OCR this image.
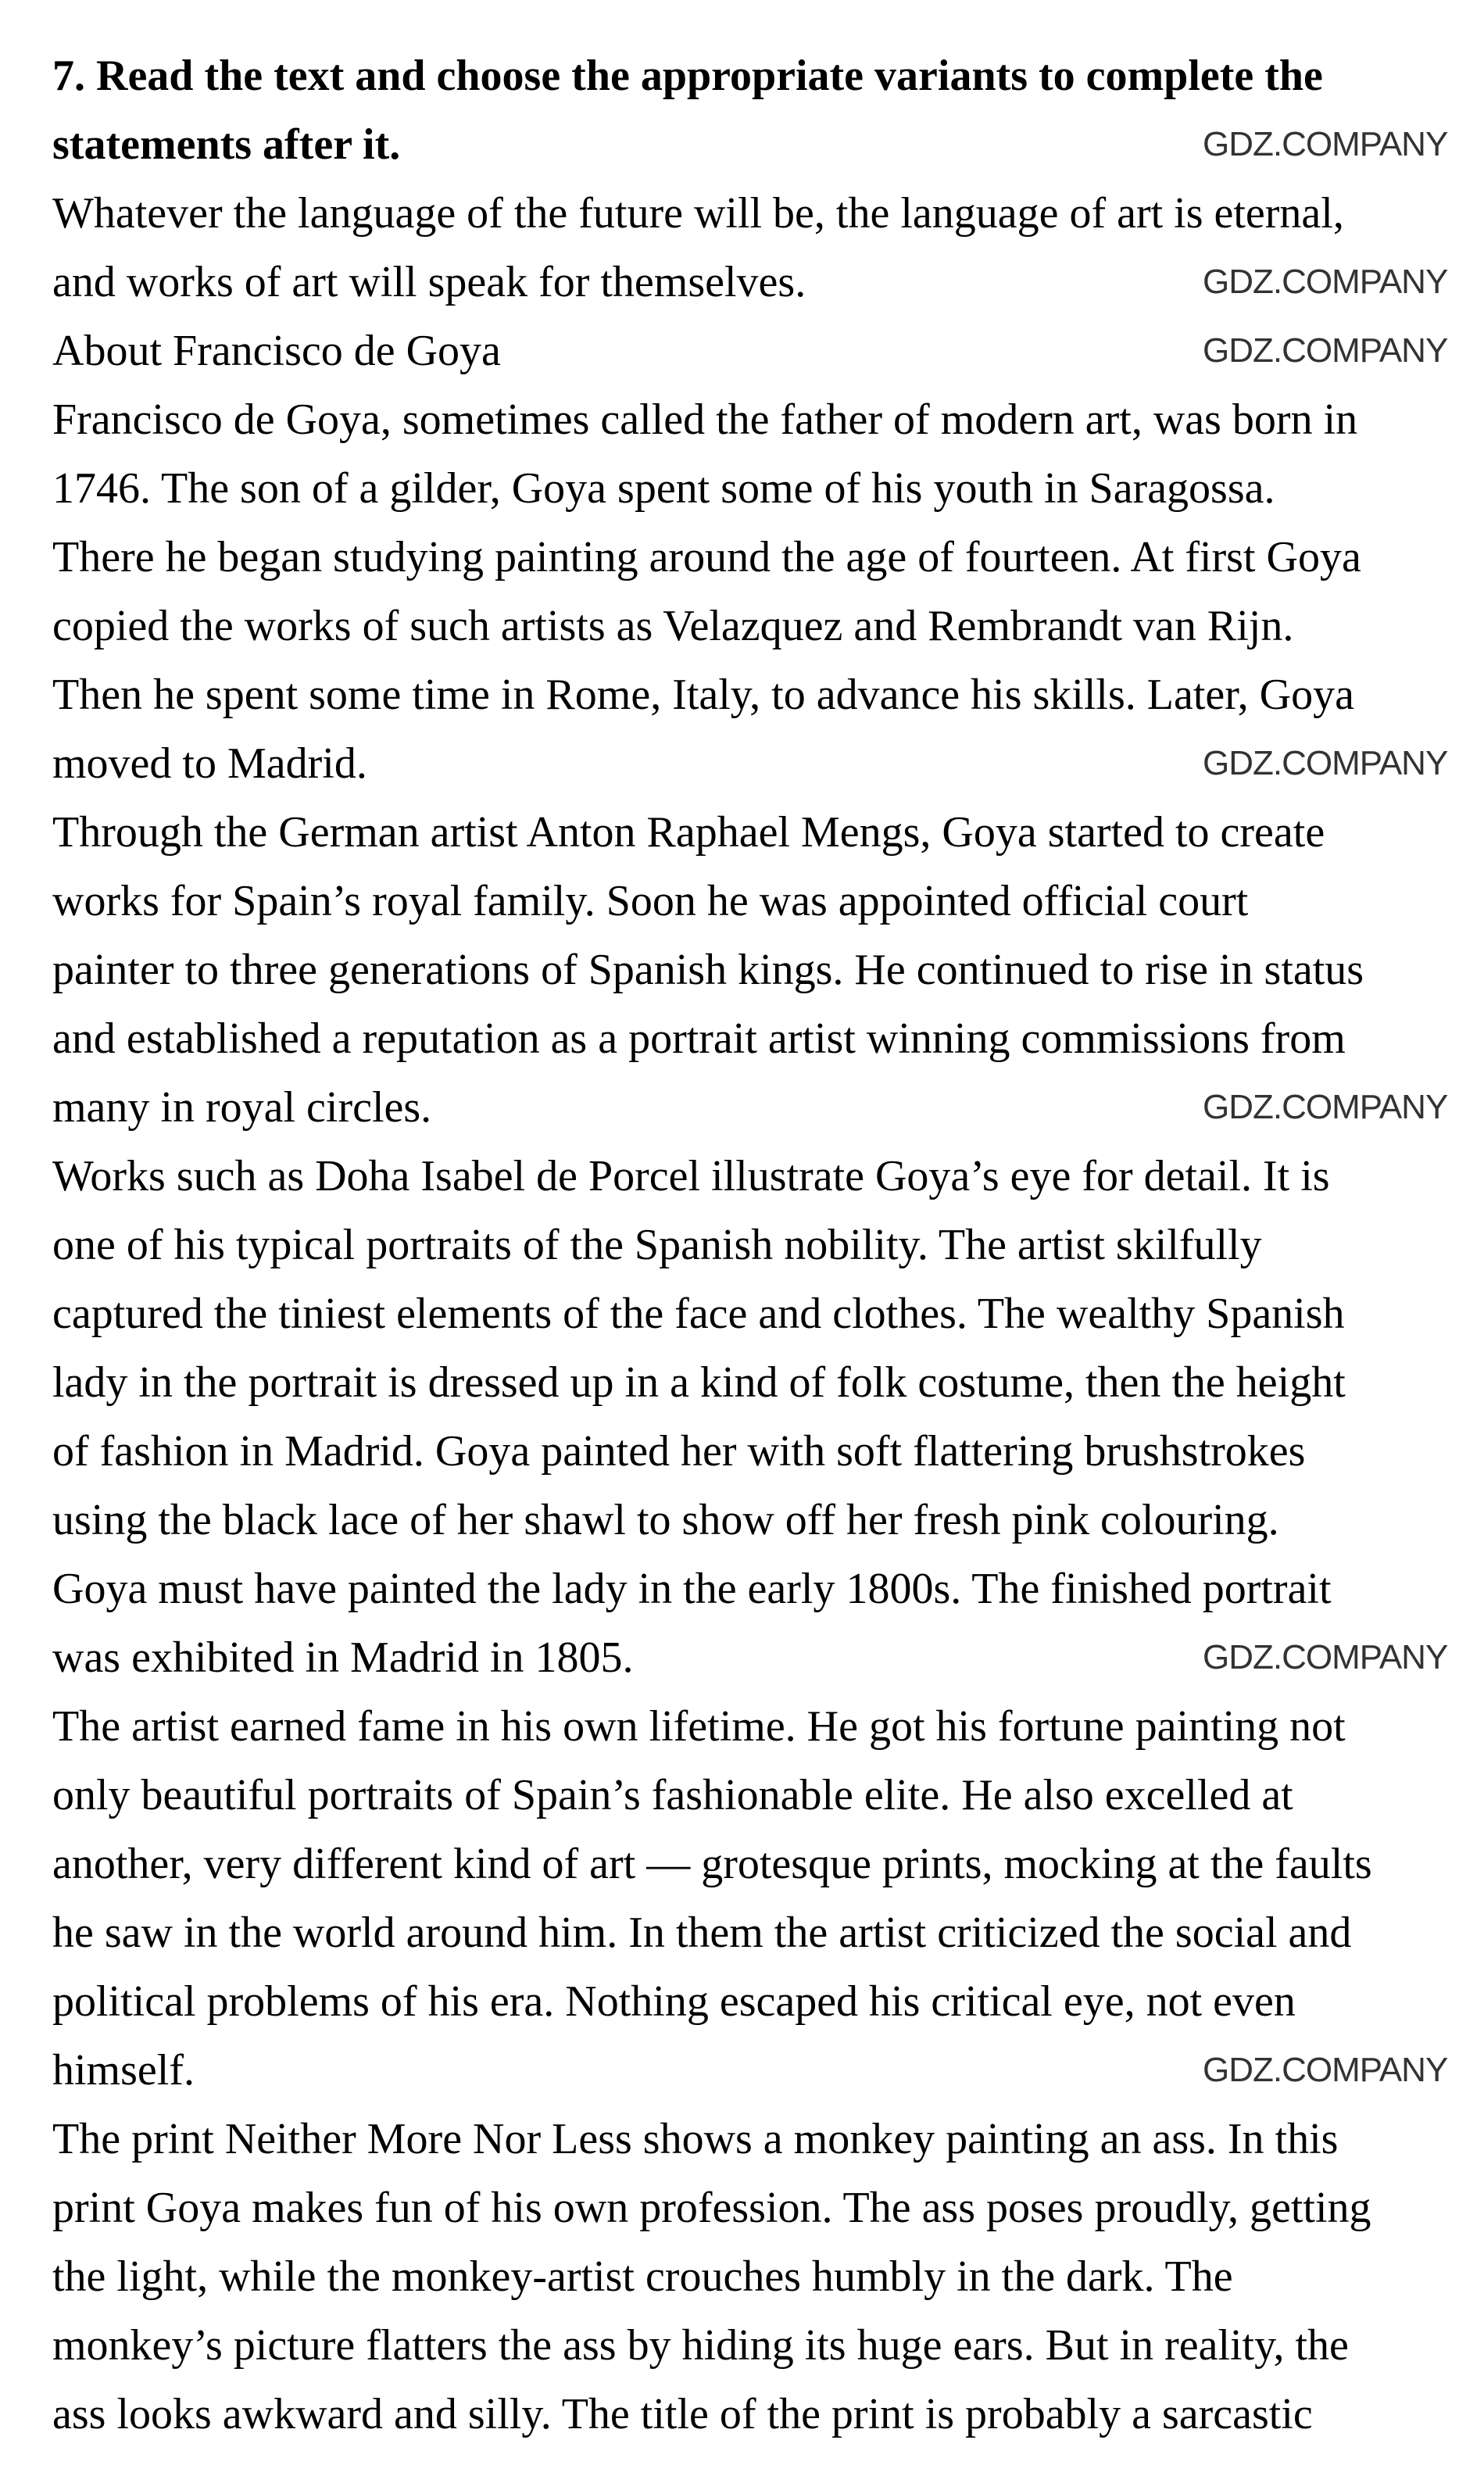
7. Read the text and choose the appropriate variants to complete the
statements after it.
Whatever the language of the future will be, the language of art is eternal,
and works of art will speak for themselves.
About Francisco de Goya
Francisco de Goya, sometimes called the father of modern art, was born in
1746. The son of a gilder, Goya spent some of his youth in Saragossa.
There he began studying painting around the age of fourteen. At first Goya
copied the works of such artists as Velazquez and Rembrandt van Rijn.
Then he spent some time in Rome, Italy, to advance his skills. Later, Goya
moved to Madrid.
Through the German artist Anton Raphael Mengs, Goya started to create
works for Spain’s royal family. Soon he was appointed official court
painter to three generations of Spanish kings. He continued to rise in status
and established a reputation as a portrait artist winning commissions from
many in royal circles.
Works such as Doha Isabel de Porcel illustrate Goya’s eye for detail. It is
one of his typical portraits of the Spanish nobility. The artist skilfully
captured the tiniest elements of the face and clothes. The wealthy Spanish
lady in the portrait is dressed up in a kind of folk costume, then the height
of fashion in Madrid. Goya painted her with soft flattering brushstrokes
using the black lace of her shawl to show off her fresh pink colouring.
Goya must have painted the lady in the early 1800s. The finished portrait
was exhibited in Madrid in 1805.
The artist earned fame in his own lifetime. He got his fortune painting not
only beautiful portraits of Spain’s fashionable elite. He also excelled at
another, very different kind of art — grotesque prints, mocking at the faults
he saw in the world around him. In them the artist criticized the social and
political problems of his era. Nothing escaped his critical eye, not even
himself.
The print Neither More Nor Less shows a monkey painting an ass. In this
print Goya makes fun of his own profession. The ass poses proudly, getting
the light, while the monkey-artist crouches humbly in the dark. The
monkey’s picture flatters the ass by hiding its huge ears. But in reality, the
ass looks awkward and silly. The title of the print is probably a sarcastic
GDZ.COMPANY
GDZ.COMPANY
GDZ.COMPANY
GDZ.COMPANY
GDZ.COMPANY
GDZ.COMPANY
GDZ.COMPANY
